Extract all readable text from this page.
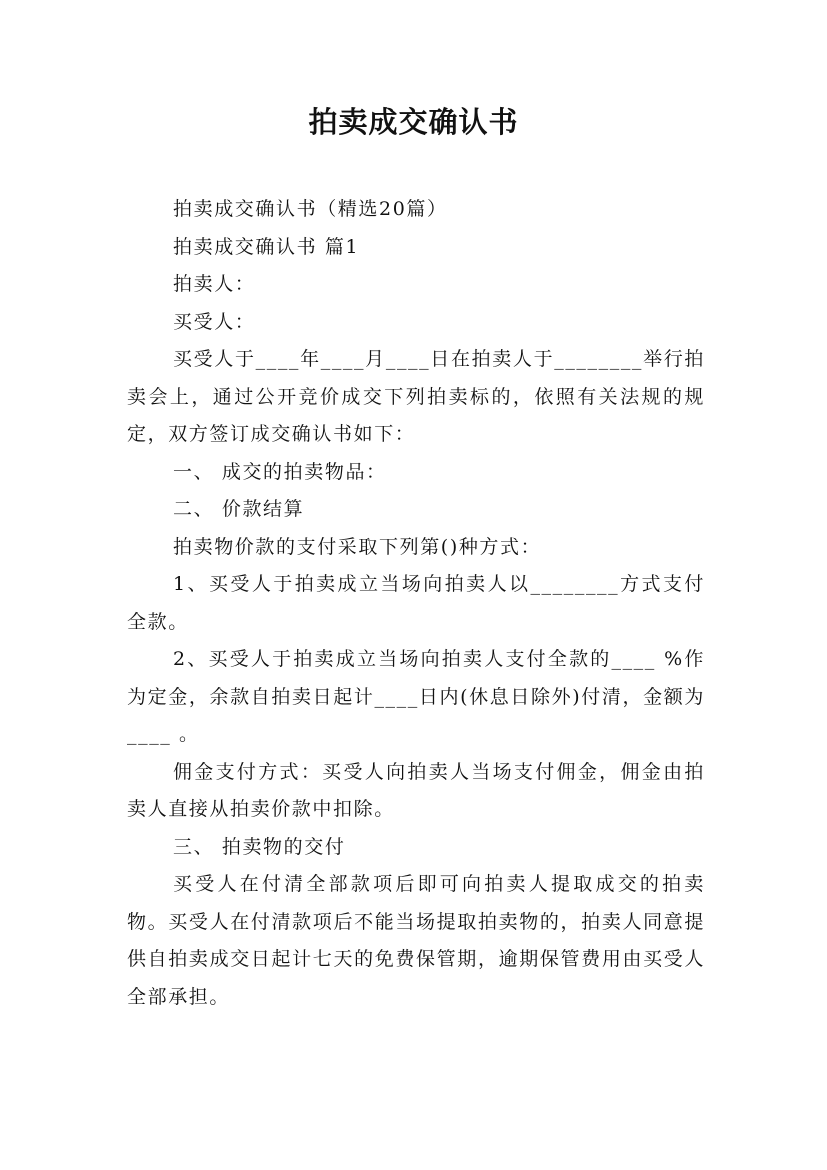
拍卖成交确认书

拍卖成交确认书（精选20篇）

拍卖成交确认书 篇1

拍卖人：

买受人：

买受人于____年____月____日在拍卖人于________举行拍卖会上，通过公开竞价成交下列拍卖标的，依照有关法规的规定，双方签订成交确认书如下：

一、 成交的拍卖物品：

二、 价款结算

拍卖物价款的支付采取下列第()种方式：

1、买受人于拍卖成立当场向拍卖人以________方式支付全款。

2、买受人于拍卖成立当场向拍卖人支付全款的____ %作为定金，余款自拍卖日起计____日内(休息日除外)付清，金额为____ 。

佣金支付方式：买受人向拍卖人当场支付佣金，佣金由拍卖人直接从拍卖价款中扣除。

三、 拍卖物的交付

买受人在付清全部款项后即可向拍卖人提取成交的拍卖物。买受人在付清款项后不能当场提取拍卖物的，拍卖人同意提供自拍卖成交日起计七天的免费保管期，逾期保管费用由买受人全部承担。
